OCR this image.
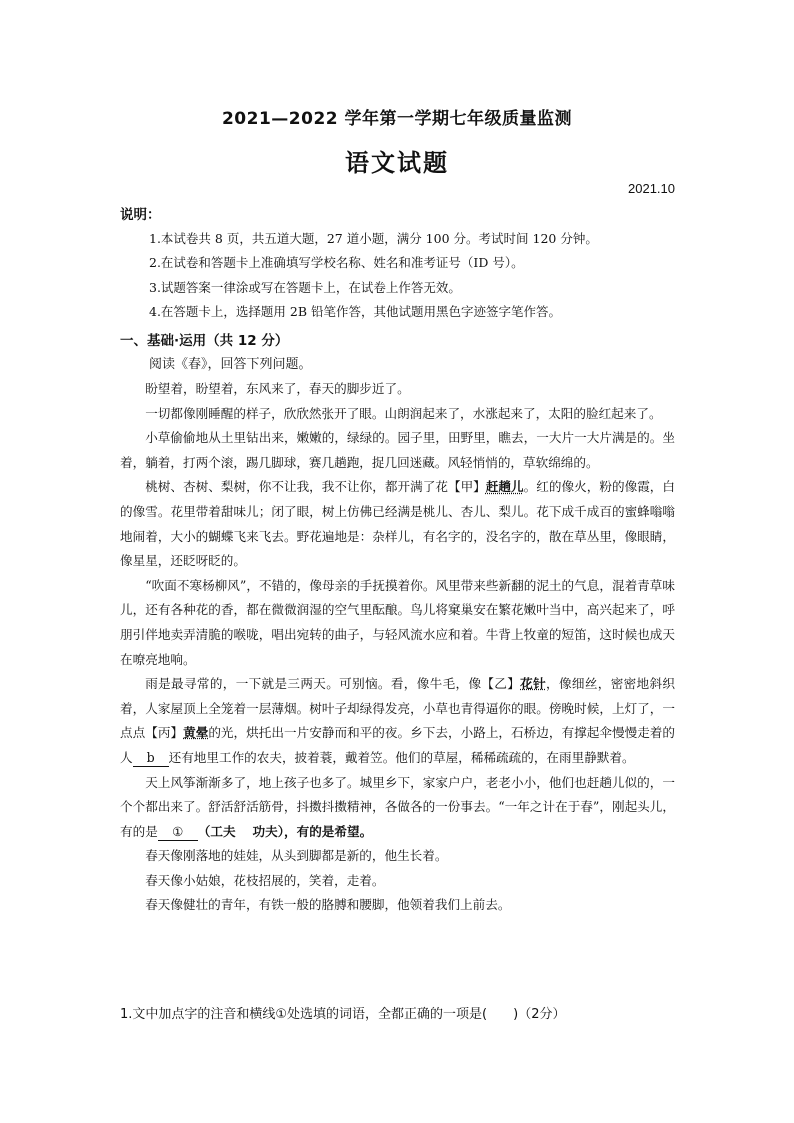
2021—2022 学年第一学期七年级质量监测
语文试题
2021.10
说明：
1.本试卷共 8 页，共五道大题，27 道小题，满分 100 分。考试时间 120 分钟。
2.在试卷和答题卡上准确填写学校名称、姓名和准考证号（ID 号）。
3.试题答案一律涂或写在答题卡上，在试卷上作答无效。
4.在答题卡上，选择题用 2B 铅笔作答，其他试题用黑色字迹签字笔作答。
一、基础·运用（共 12 分）
阅读《春》，回答下列问题。

盼望着，盼望着，东风来了，春天的脚步近了。

一切都像刚睡醒的样子，欣欣然张开了眼。山朗润起来了，水涨起来了，太阳的脸红起来了。

小草偷偷地从土里钻出来，嫩嫩的，绿绿的。园子里，田野里，瞧去，一大片一大片满是的。坐着，躺着，打两个滚，踢几脚球，赛几趟跑，捉几回迷藏。风轻悄悄的，草软绵绵的。

桃树、杏树、梨树，你不让我，我不让你，都开满了花【甲】赶趟儿。红的像火，粉的像霞，白的像雪。花里带着甜味儿；闭了眼，树上仿佛已经满是桃儿、杏儿、梨儿。花下成千成百的蜜蜂嗡嗡地闹着，大小的蝴蝶飞来飞去。野花遍地是：杂样儿，有名字的，没名字的，散在草丛里，像眼睛，像星星，还眨呀眨的。

“吹面不寒杨柳风”，不错的，像母亲的手抚摸着你。风里带来些新翻的泥土的气息，混着青草味儿，还有各种花的香，都在微微润湿的空气里酝酿。鸟儿将窠巢安在繁花嫩叶当中，高兴起来了，呼朋引伴地卖弄清脆的喉咙，唱出宛转的曲子，与轻风流水应和着。牛背上牧童的短笛，这时候也成天在嘹亮地响。

雨是最寻常的，一下就是三两天。可别恼。看，像牛毛，像【乙】花针，像细丝，密密地斜织着，人家屋顶上全笼着一层薄烟。树叶子却绿得发亮，小草也青得逼你的眼。傍晚时候，上灯了，一点点【丙】黄晕的光，烘托出一片安静而和平的夜。乡下去，小路上，石桥边，有撑起伞慢慢走着的人 b 还有地里工作的农夫，披着蓑，戴着笠。他们的草屋，稀稀疏疏的，在雨里静默着。

天上风筝渐渐多了，地上孩子也多了。城里乡下，家家户户，老老小小，他们也赶趟儿似的，一个个都出来了。舒活舒活筋骨，抖擞抖擞精神，各做各的一份事去。“一年之计在于春”，刚起头儿，有的是 ① （工夫　 功夫），有的是希望。

春天像刚落地的娃娃，从头到脚都是新的，他生长着。

春天像小姑娘，花枝招展的，笑着，走着。

春天像健壮的青年，有铁一般的胳膊和腰脚，他领着我们上前去。

1.文中加点字的注音和横线①处选填的词语，全都正确的一项是(　　)（2分）
